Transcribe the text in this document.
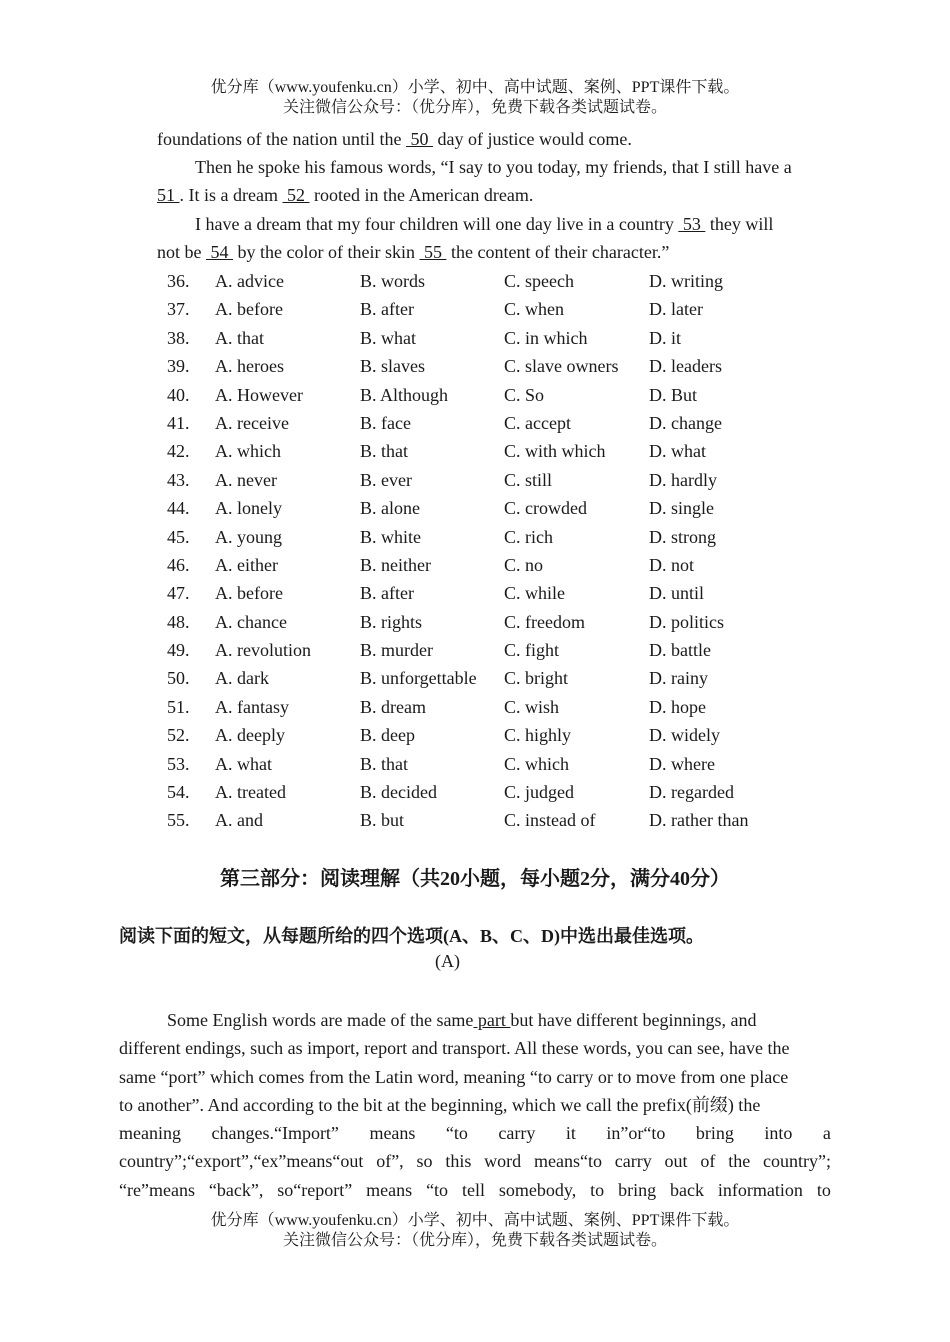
优分库（www.youfenku.cn）小学、初中、高中试题、案例、PPT课件下载。
关注微信公众号：（优分库），免费下载各类试题试卷。
foundations of the nation until the  50  day of justice would come.
Then he spoke his famous words, “I say to you today, my friends, that I still have a
51 . It is a dream  52  rooted in the American dream.
I have a dream that my four children will one day live in a country  53  they will
not be  54  by the color of their skin  55  the content of their character.”
36. A. advice	B. words	C. speech	D. writing
37. A. before	B. after	C. when	D. later
38. A. that	B. what	C. in which	D. it
39. A. heroes	B. slaves	C. slave owners D. leaders
40. A. However	B. Although	C. So	D. But
41. A. receive	B. face	C. accept	D. change
42. A. which	B. that	C. with which D. what
43. A. never	B. ever	C. still	D. hardly
44. A. lonely	B. alone	C. crowded	D. single
45. A. young	B. white	C. rich	D. strong
46. A. either	B. neither	C. no	D. not
47. A. before	B. after	C. while	D. until
48. A. chance	B. rights	C. freedom	D. politics
49. A. revolution	B. murder	C. fight	D. battle
50. A. dark	B. unforgettable C. bright	D. rainy
51. A. fantasy	B. dream	C. wish	D. hope
52. A. deeply	B. deep	C. highly	D. widely
53. A. what	B. that	C. which	D. where
54. A. treated	B. decided	C. judged	D. regarded
55. A. and	B. but	C. instead of	D. rather than
第三部分：阅读理解（共20小题，每小题2分，满分40分）
阅读下面的短文，从每题所给的四个选项(A、B、C、D)中选出最佳选项。
(A)
Some English words are made of the same part but have different beginnings, and
different endings, such as import, report and transport. All these words, you can see, have the
same “port” which comes from the Latin word, meaning “to carry or to move from one place
to another”. And according to the bit at the beginning, which we call the prefix(前缀) the
meaning changes.“Import” means “to carry it in”or“to bring into a
country”;“export”,“ex”means“out of”, so this word means“to carry out of the country”;
“re”means “back”, so“report” means “to tell somebody, to bring back information to
优分库（www.youfenku.cn）小学、初中、高中试题、案例、PPT课件下载。
关注微信公众号：（优分库），免费下载各类试题试卷。
